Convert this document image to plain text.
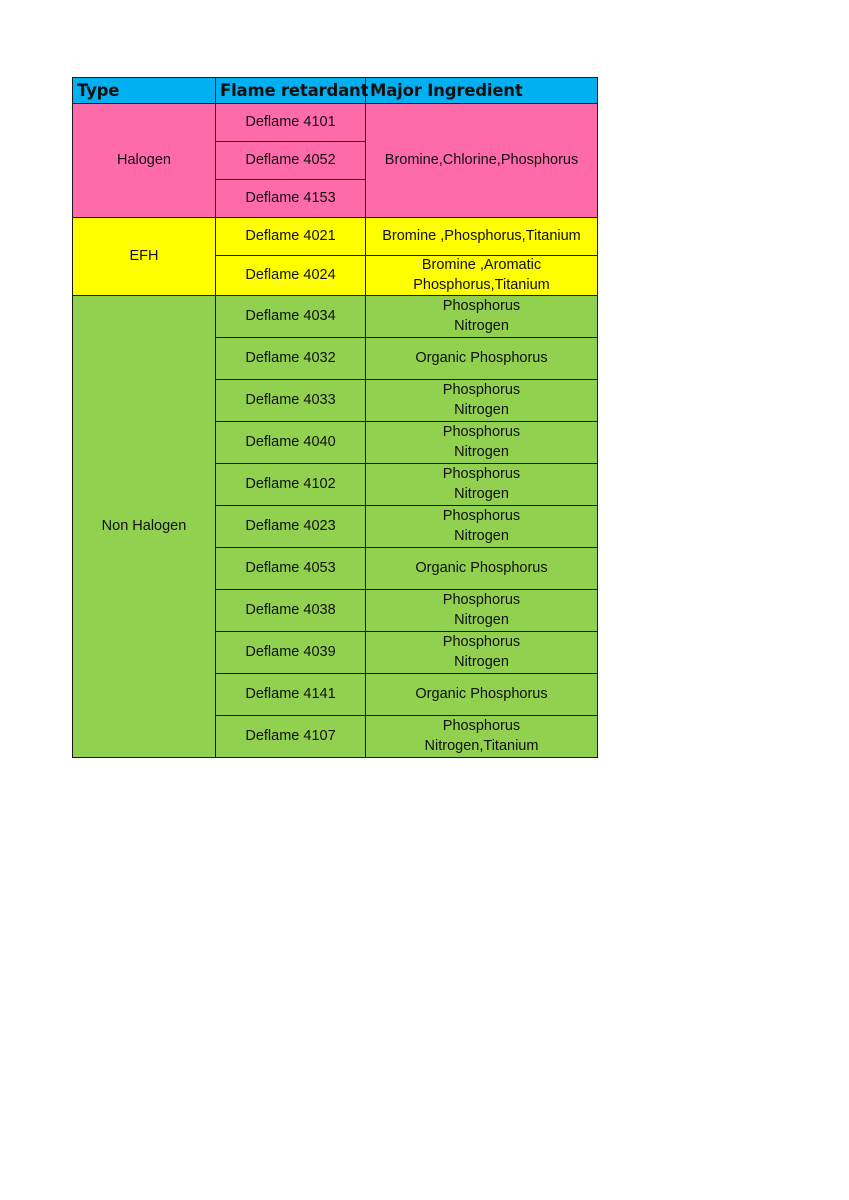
Type	Flame retardant	Major Ingredient
Halogen	Deflame 4101	Bromine,Chlorine,Phosphorus
	Deflame 4052	
	Deflame 4153	
EFH	Deflame 4021	Bromine ,Phosphorus,Titanium

	Deflame 4024	Bromine ,Aromatic
Phosphorus,Titanium

Non Halogen	Deflame 4034	Phosphorus
Nitrogen

	Deflame 4032	Organic Phosphorus

	Deflame 4033	Phosphorus
Nitrogen

	Deflame 4040	Phosphorus
Nitrogen

	Deflame 4102	Phosphorus
Nitrogen

	Deflame 4023	Phosphorus
Nitrogen

	Deflame 4053	Organic Phosphorus

	Deflame 4038	Phosphorus
Nitrogen

	Deflame 4039	Phosphorus
Nitrogen

	Deflame 4141	Organic Phosphorus

	Deflame 4107	Phosphorus
Nitrogen,Titanium
